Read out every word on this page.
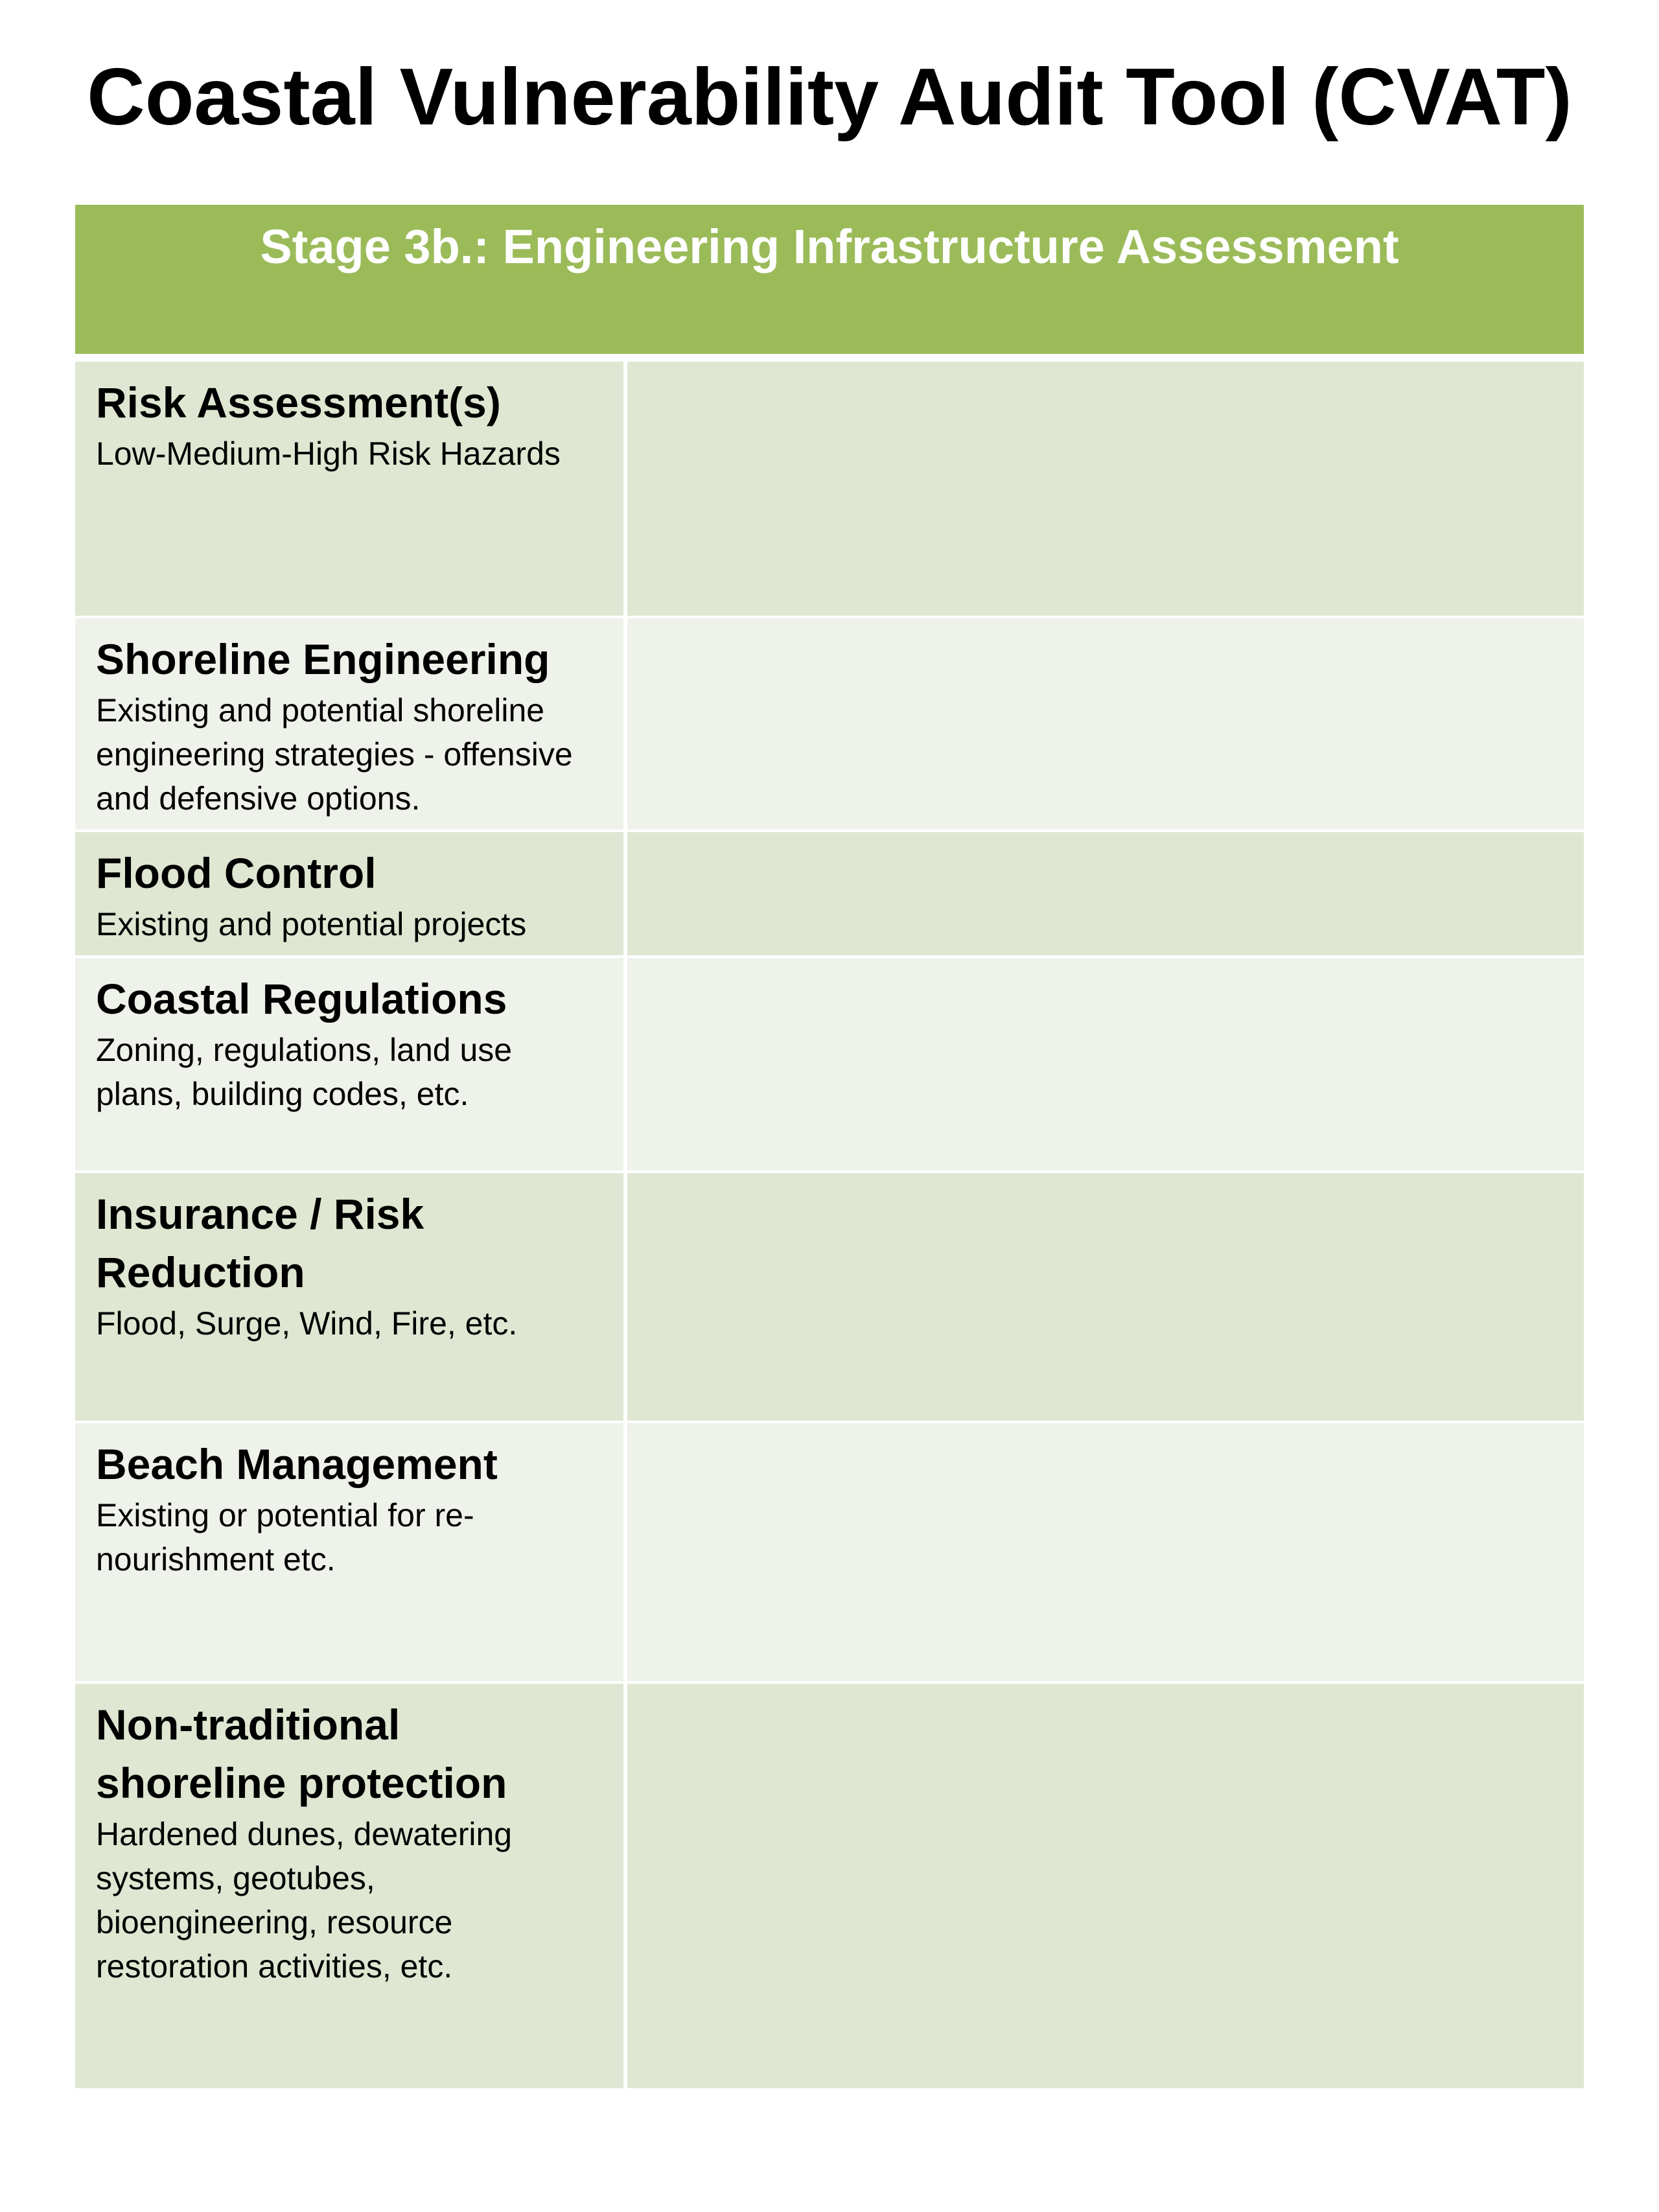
Coastal Vulnerability Audit Tool (CVAT)
Stage 3b.: Engineering Infrastructure Assessment
Risk Assessment(s)
Low-Medium-High Risk Hazards
Shoreline Engineering
Existing and potential shoreline
engineering strategies - offensive
and defensive options.
Flood Control
Existing and potential projects
Coastal Regulations
Zoning, regulations, land use
plans, building codes, etc.
Insurance / Risk
Reduction
Flood, Surge, Wind, Fire, etc.
Beach Management
Existing or potential for re-
nourishment etc.
Non-traditional
shoreline protection
Hardened dunes, dewatering
systems, geotubes,
bioengineering, resource
restoration activities, etc.
